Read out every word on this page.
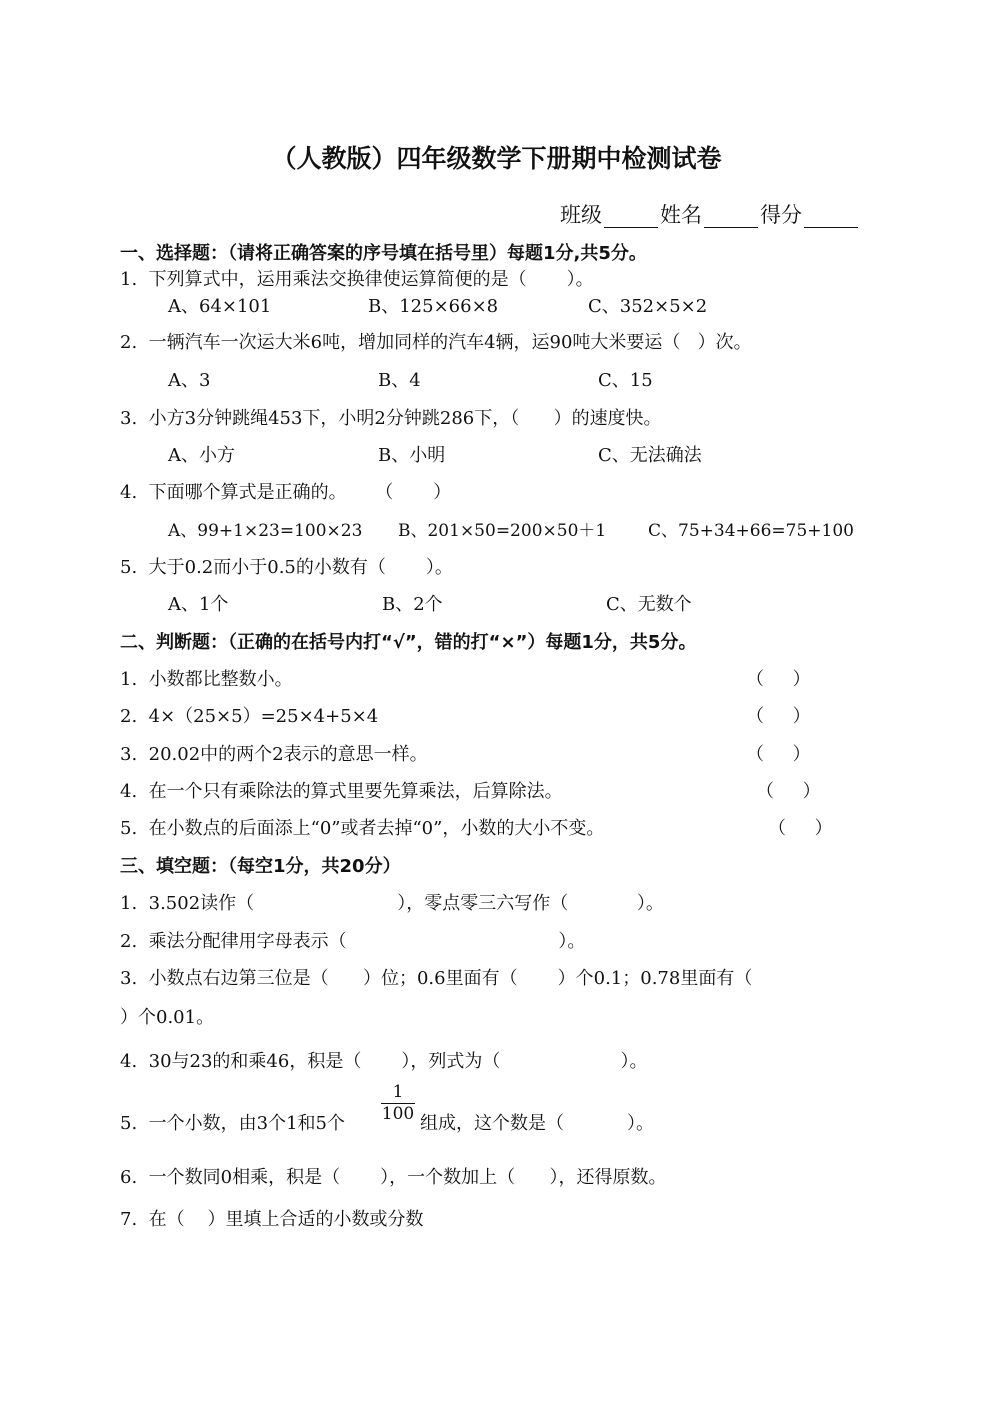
（人教版）四年级数学下册期中检测试卷
班级	姓名	得分
一、选择题：（请将正确答案的序号填在括号里）每题1分,共5分。
1.  下列算式中，运用乘法交换律使运算简便的是（       ）。
A、64×101	B、125×66×8	C、352×5×2
2.  一辆汽车一次运大米6吨，增加同样的汽车4辆，运90吨大米要运（   ）次。
A、3	B、4	C、15
3.  小方3分钟跳绳453下，小明2分钟跳286下，（      ）的速度快。
A、小方	B、小明	C、无法确法
4.  下面哪个算式是正确的。     （       ）
A、99+1×23=100×23 B、201×50=200×50＋1 C、75+34+66=75+100
5.  大于0.2而小于0.5的小数有（       ）。
A、1个	B、2个	C、无数个
二、判断题：（正确的在括号内打“√”，错的打“×”）每题1分，共5分。
1.  小数都比整数小。	（     ）
2.  4×（25×5）=25×4+5×4	（     ）
3.  20.02中的两个2表示的意思一样。	（     ）
4.  在一个只有乘除法的算式里要先算乘法，后算除法。	（     ）
5.  在小数点的后面添上“0”或者去掉“0”，小数的大小不变。	（     ）
三、填空题：（每空1分，共20分）
1.  3.502读作（                         ），零点零三六写作（            ）。
2.  乘法分配律用字母表示（                                     ）。
3.  小数点右边第三位是（      ）位；0.6里面有（       ）个0.1；0.78里面有（
）个0.01。
4.  30与23的和乘46，积是（       ），列式为（                     ）。
5.  一个小数，由3个1和5个 $\frac{1}{100}$ 组成，这个数是（           ）。
6.  一个数同0相乘，积是（       ），一个数加上（      ），还得原数。
7.  在（    ）里填上合适的小数或分数
